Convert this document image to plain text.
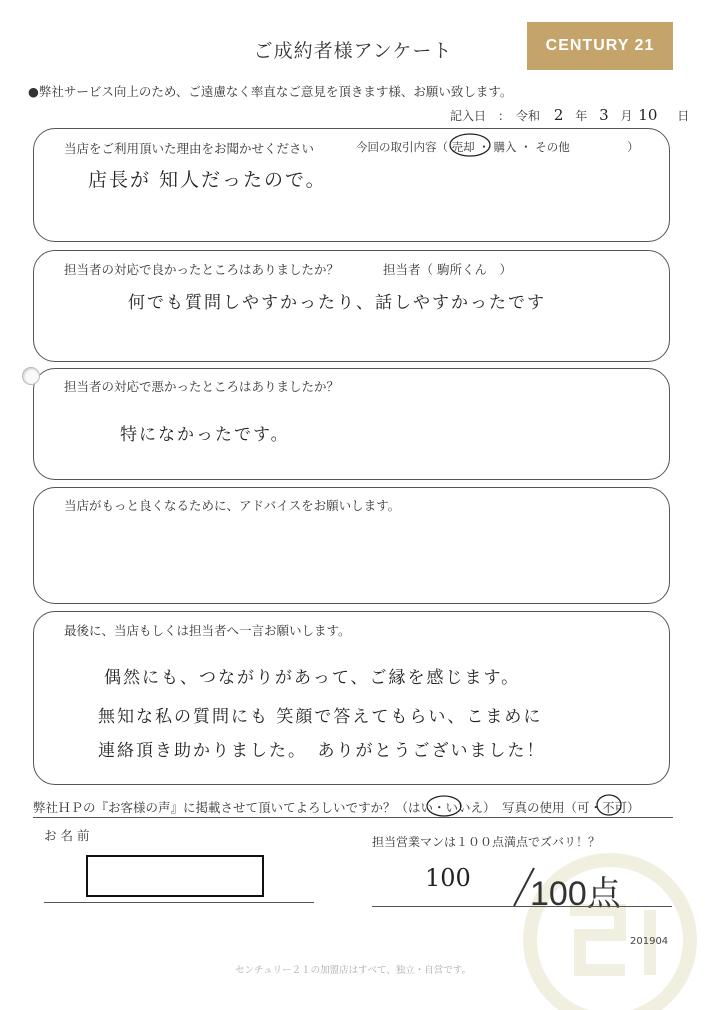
ご成約者様アンケート	CENTURY 21
●弊社サービス向上のため、ご遠慮なく率直なご意見を頂きます様、お願い致します。
記入日　：　令和 2 年 3 月 10 日
当店をご利用頂いた理由をお聞かせください	今回の取引内容（ 売却 ・ 購入 ・ その他　　　　　）
店長が 知人だったので。
担当者の対応で良かったところはありましたか？	担当者（ 駒所くん　）
何でも質問しやすかったり、話しやすかったです
担当者の対応で悪かったところはありましたか？
特になかったです。
当店がもっと良くなるために、アドバイスをお願いします。
最後に、当店もしくは担当者へ一言お願いします。
偶然にも、つながりがあって、ご縁を感じます。
無知な私の質問にも 笑顔で答えてもらい、こまめに
連絡頂き助かりました。　ありがとうございました！
弊社ＨＰの『お客様の声』に掲載させて頂いてよろしいですか？（はい・いいえ） 写真の使用（可・不可）
お 名 前	担当営業マンは１００点満点でズバリ！？
100 100点
201904
センチュリー２１の加盟店はすべて、独立・自営です。
